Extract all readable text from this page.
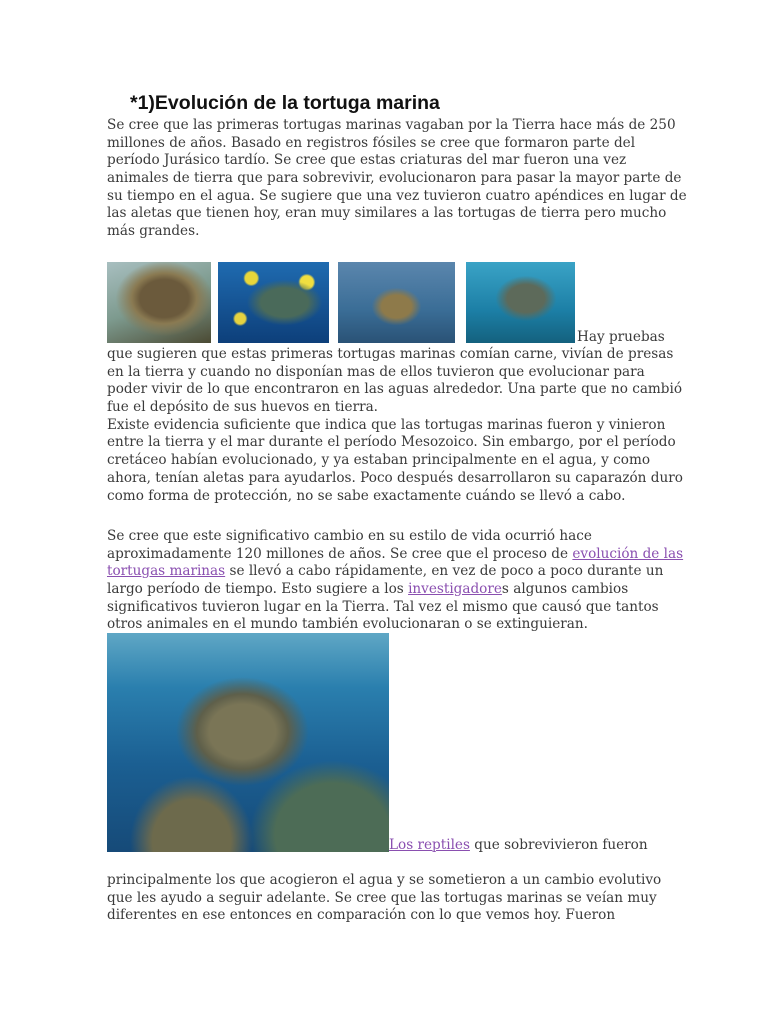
*1)Evolución de la tortuga marina
Hay pruebas
Los reptiles que sobrevivieron fueron
Se cree que las primeras tortugas marinas vagaban por la Tierra hace más de 250
millones de años. Basado en registros fósiles se cree que formaron parte del
período Jurásico tardío. Se cree que estas criaturas del mar fueron una vez
animales de tierra que para sobrevivir, evolucionaron para pasar la mayor parte de
su tiempo en el agua. Se sugiere que una vez tuvieron cuatro apéndices en lugar de
las aletas que tienen hoy, eran muy similares a las tortugas de tierra pero mucho
más grandes.
que sugieren que estas primeras tortugas marinas comían carne, vivían de presas
en la tierra y cuando no disponían mas de ellos tuvieron que evolucionar para
poder vivir de lo que encontraron en las aguas alrededor. Una parte que no cambió
fue el depósito de sus huevos en tierra.
Existe evidencia suficiente que indica que las tortugas marinas fueron y vinieron
entre la tierra y el mar durante el período Mesozoico. Sin embargo, por el período
cretáceo habían evolucionado, y ya estaban principalmente en el agua, y como
ahora, tenían aletas para ayudarlos. Poco después desarrollaron su caparazón duro
como forma de protección, no se sabe exactamente cuándo se llevó a cabo.
Se cree que este significativo cambio en su estilo de vida ocurrió hace
aproximadamente 120 millones de años. Se cree que el proceso de evolución de las
tortugas marinas se llevó a cabo rápidamente, en vez de poco a poco durante un
largo período de tiempo. Esto sugiere a los investigadores algunos cambios
significativos tuvieron lugar en la Tierra. Tal vez el mismo que causó que tantos
otros animales en el mundo también evolucionaran o se extinguieran.
principalmente los que acogieron el agua y se sometieron a un cambio evolutivo
que les ayudo a seguir adelante. Se cree que las tortugas marinas se veían muy
diferentes en ese entonces en comparación con lo que vemos hoy. Fueron
